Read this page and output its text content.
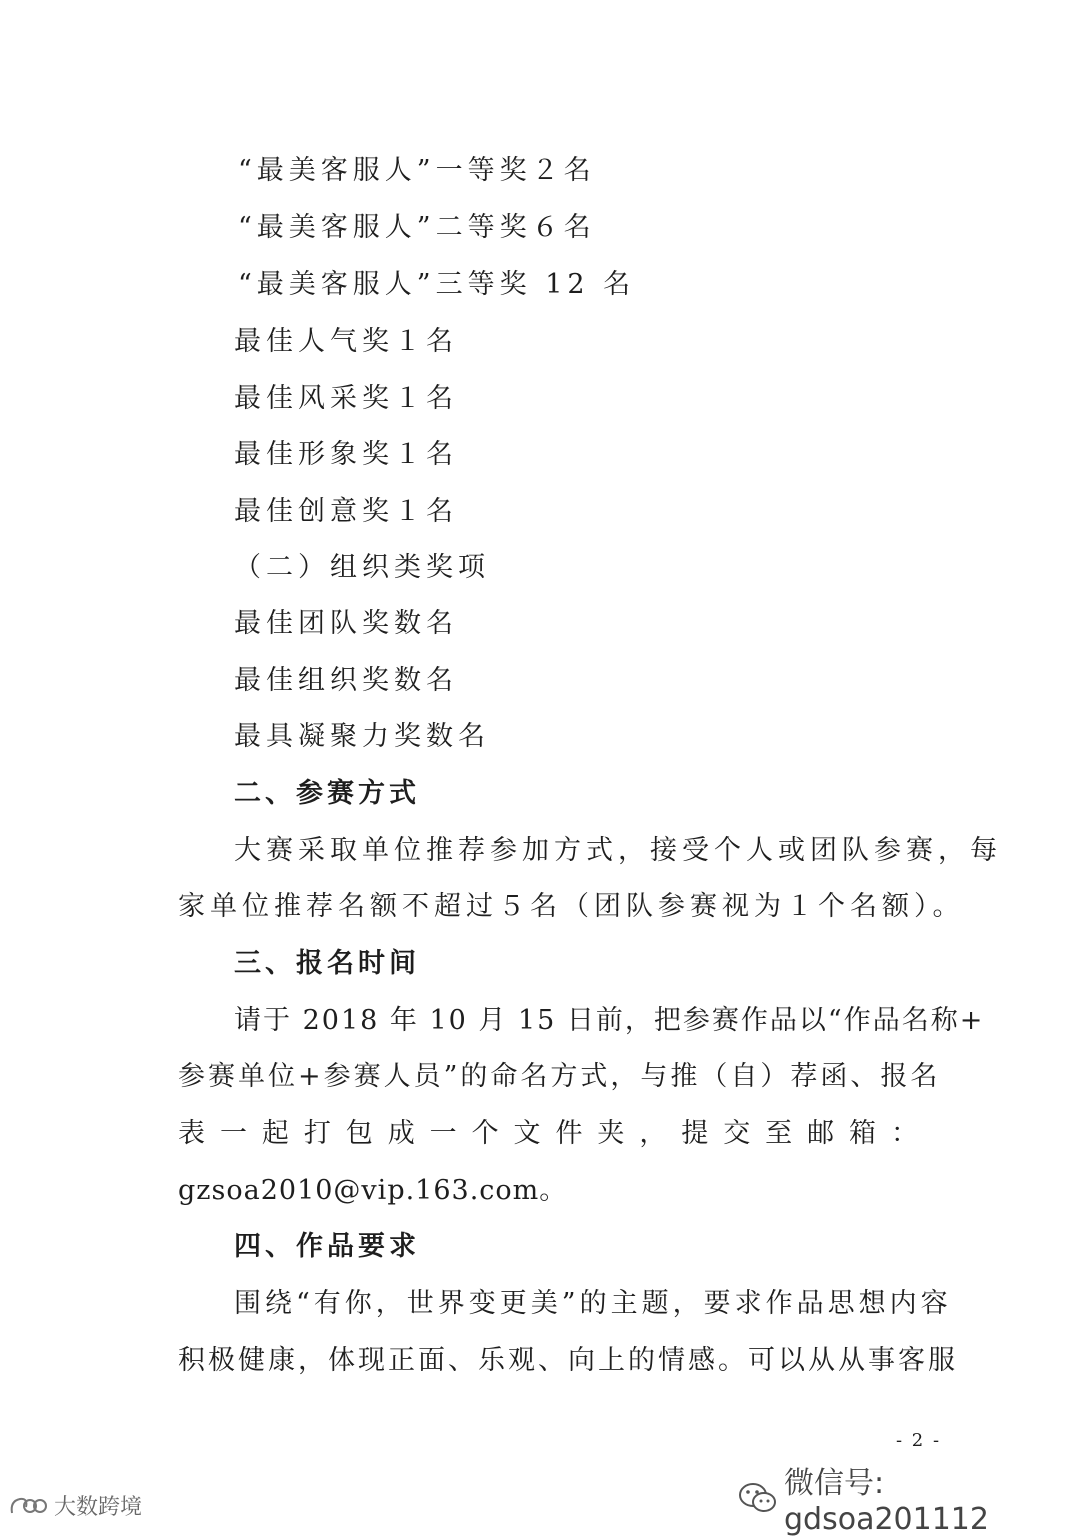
“最美客服人”一等奖２名
“最美客服人”二等奖６名
“最美客服人”三等奖 12 名
最佳人气奖１名
最佳风采奖１名
最佳形象奖１名
最佳创意奖１名
（二）组织类奖项
最佳团队奖数名
最佳组织奖数名
最具凝聚力奖数名
二、参赛方式
大赛采取单位推荐参加方式，接受个人或团队参赛，每
家单位推荐名额不超过５名（团队参赛视为１个名额）。
三、报名时间
请于 2018 年 10 月 15 日前，把参赛作品以“作品名称+
参赛单位+参赛人员”的命名方式，与推（自）荐函、报名
表 一 起 打 包 成 一 个 文 件 夹 ， 提 交 至 邮 箱 ：
gzsoa2010@vip.163.com。
四、作品要求
围绕“有你，世界变更美”的主题，要求作品思想内容
积极健康，体现正面、乐观、向上的情感。可以从从事客服
- 2 -
微信号: gdsoa201112
大数跨境
